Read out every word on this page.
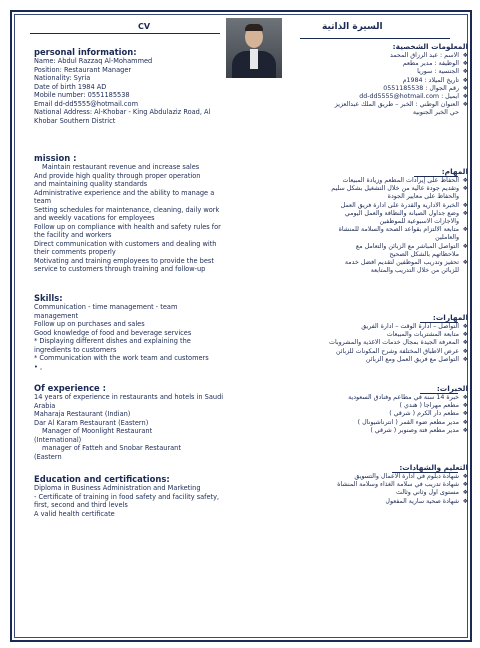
CV	السيرة الذاتية
personal information:
Name: Abdul Razzaq Al-Mohammed
Position: Restaurant Manager
Nationality: Syria
Date of birth 1984 AD
Mobile number: 0551185538
Email dd-dd5555@hotmail.com
National Address: Al-Khobar - King Abdulaziz Road, Al
Khobar Southern District
mission :
Maintain restaurant revenue and increase sales
And provide high quality through proper operation
and maintaining quality standards
Administrative experience and the ability to manage a
team
Setting schedules for maintenance, cleaning, daily work
and weekly vacations for employees
Follow up on compliance with health and safety rules for
the facility and workers
Direct communication with customers and dealing with
their comments properly
Motivating and training employees to provide the best
service to customers through training and follow-up
Skills:
Communication - time management - team
management
Follow up on purchases and sales
Good knowledge of food and beverage services
* Displaying different dishes and explaining the
ingredients to customers
* Communication with the work team and customers
• ,
Of experience :
14 years of experience in restaurants and hotels in Saudi
Arabia
Maharaja Restaurant (Indian)
Dar Al Karam Restaurant (Eastern)
Manager of Moonlight Restaurant
(International)
manager of Fatteh and Snobar Restaurant
(Eastern
Education and certifications:
Diploma in Business Administration and Marketing
- Certificate of training in food safety and facility safety,
first, second and third levels
A valid health certificate
المعلومات الشخصية:
❖
الاسم : عبد الرزاق المحمد
❖
الوظيفة : مدير مطعم
❖
الجنسية : سوريا
❖
تاريخ الميلاد : 1984م
❖
رقم الجوال : 0551185538
❖
ايميل : dd-dd5555@hotmail.com
❖
العنوان الوطني : الخبر – طريق الملك عبدالعزيز
حي الخبر الجنوبية
المهام:
❖
الحفاظ على إيرادات المطعم وزيادة المبيعات
❖
وتقديم جودة عالية من خلال التشغيل بشكل سليم
والحفاظ على معايير الجودة
❖
الخبرة الادارية والقدرة على ادارة فريق العمل
❖
وضع جداول الصيانة والنظافة والعمل اليومي
والاجازات الاسبوعية للموظفين
❖
متابعة الالتزام بقواعد الصحة والسلامة للمنشأة
والعاملين
❖
التواصل المباشر مع الزبائن والتعامل مع
ملاحظاتهم بالشكل الصحيح
❖
تحفيز وتدريب الموظفين لتقديم أفضل خدمة
للزبائن من خلال التدريب والمتابعة
المهارات:
❖
التواصل – ادارة الوقت – ادارة الفريق
❖
متابعة المشتريات والمبيعات
❖
المعرفة الجيدة بمجال خدمات الأغذية والمشروبات
❖
عرض الأطباق المختلفة وشرح المكونات للزبائن
❖
التواصل مع فريق العمل ومع الزبائن
الخبرات:
❖
خبرة 14 سنة في مطاعم وفنادق السعودية
❖
مطعم مهراجا ( هندي )
❖
مطعم دار الكرم ( شرقي )
❖
مدير مطعم ضوء القمر ( انترناشيونال )
❖
مدير مطعم فتة وصنوبر ( شرقي )
التعليم والشهادات:
❖
شهادة دبلوم في أدارة الاعمال والتسويق
❖
شهادة تدريب في سلامة الغذاء وسلامة المنشأة
❖
مستوى أول وثاني وثالث
❖
شهادة صحية سارية المفعول
